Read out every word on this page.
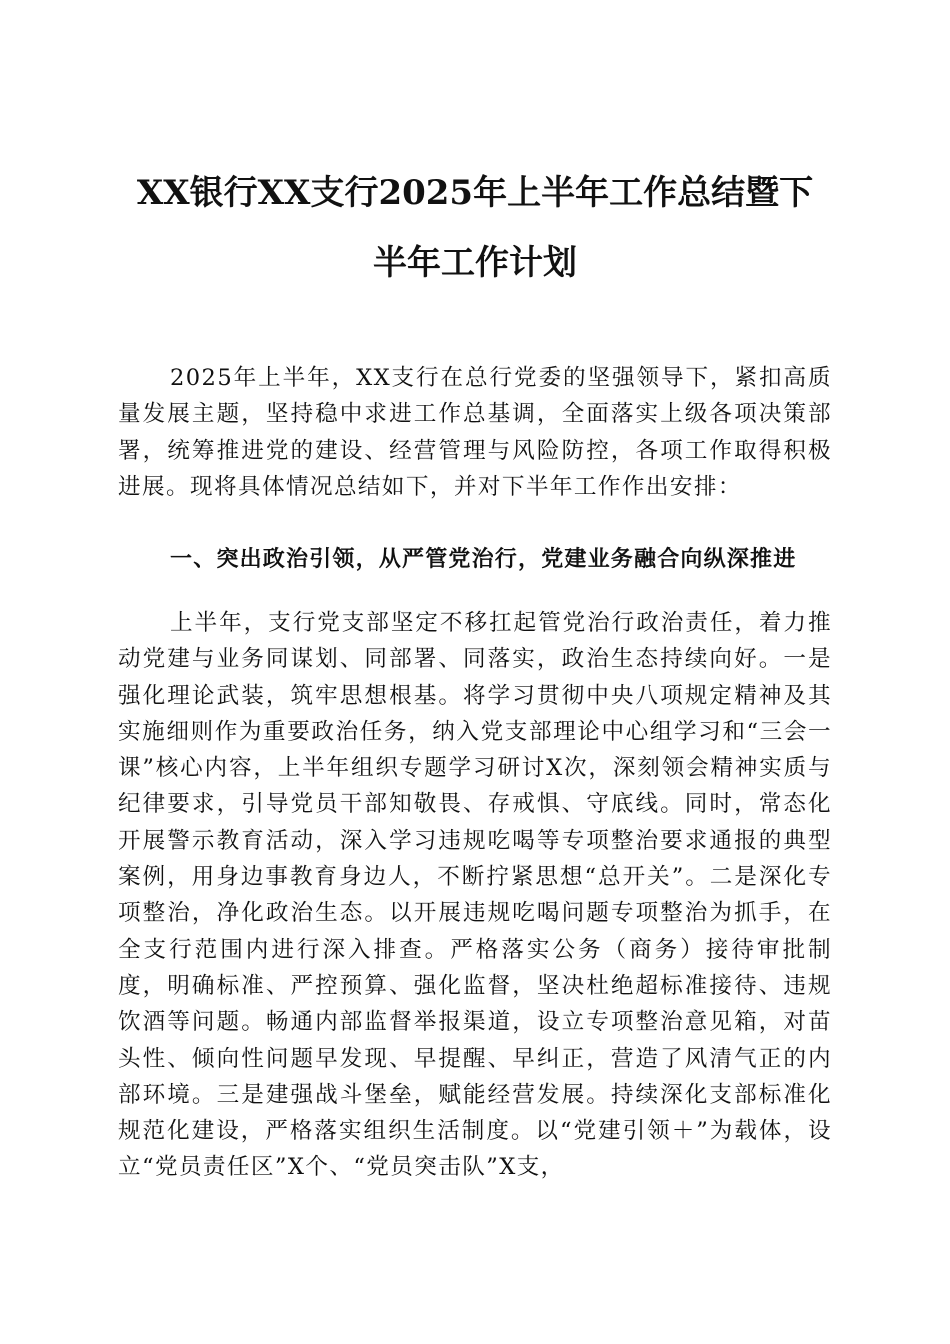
XX银行XX支行2025年上半年工作总结暨下
半年工作计划

2025年上半年，XX支行在总行党委的坚强领导下，紧扣高质量发展主题，坚持稳中求进工作总基调，全面落实上级各项决策部署，统筹推进党的建设、经营管理与风险防控，各项工作取得积极进展。现将具体情况总结如下，并对下半年工作作出安排：

一、突出政治引领，从严管党治行，党建业务融合向纵深推进

上半年，支行党支部坚定不移扛起管党治行政治责任，着力推动党建与业务同谋划、同部署、同落实，政治生态持续向好。一是强化理论武装，筑牢思想根基。将学习贯彻中央八项规定精神及其实施细则作为重要政治任务，纳入党支部理论中心组学习和“三会一课”核心内容，上半年组织专题学习研讨X次，深刻领会精神实质与纪律要求，引导党员干部知敬畏、存戒惧、守底线。同时，常态化开展警示教育活动，深入学习违规吃喝等专项整治要求通报的典型案例，用身边事教育身边人，不断拧紧思想“总开关”。二是深化专项整治，净化政治生态。以开展违规吃喝问题专项整治为抓手，在全支行范围内进行深入排查。严格落实公务（商务）接待审批制度，明确标准、严控预算、强化监督，坚决杜绝超标准接待、违规饮酒等问题。畅通内部监督举报渠道，设立专项整治意见箱，对苗头性、倾向性问题早发现、早提醒、早纠正，营造了风清气正的内部环境。三是建强战斗堡垒，赋能经营发展。持续深化支部标准化规范化建设，严格落实组织生活制度。以“党建引领＋”为载体，设立“党员责任区”X个、“党员突击队”X支，
